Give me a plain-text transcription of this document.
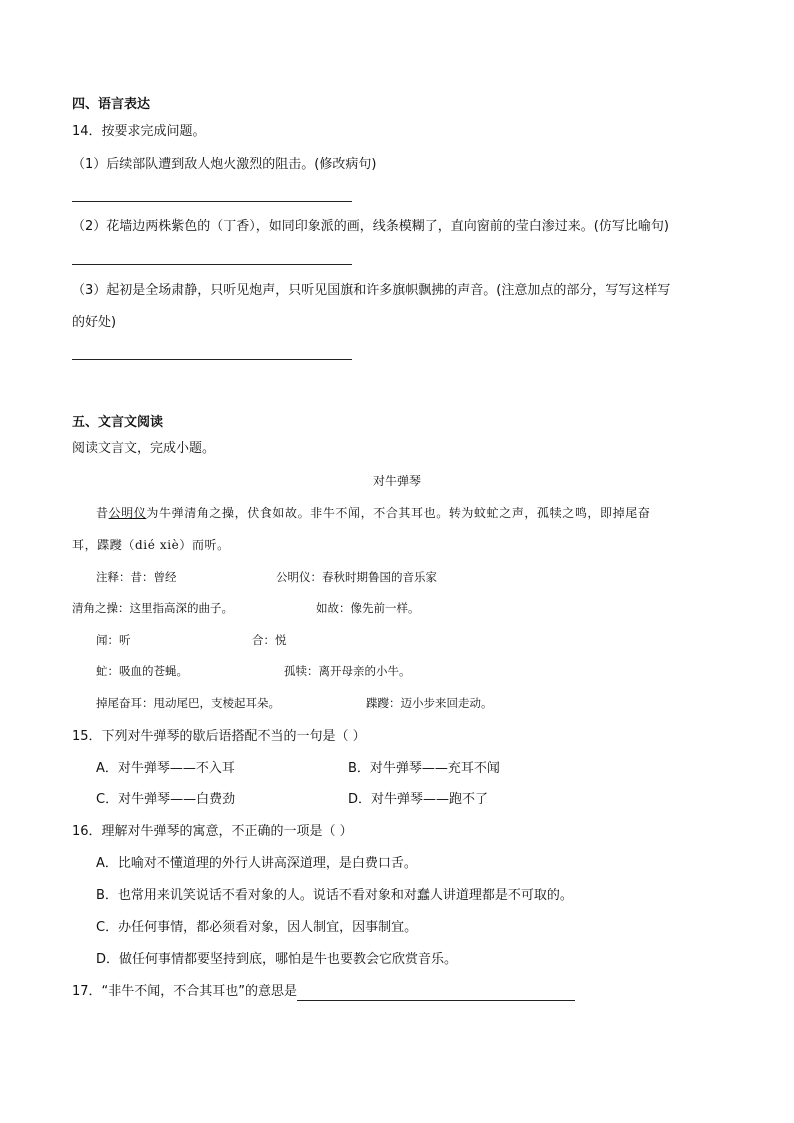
四、语言表达
14．按要求完成问题。
（1）后续部队遭到敌人炮火激烈的阻击。(修改病句)
（2）花墙边两株紫色的（丁香），如同印象派的画，线条模糊了，直向窗前的莹白渗过来。(仿写比喻句)
（3）起初是全场肃静，只听见炮声，只听见国旗和许多旗帜飘拂的声音。(注意加点的部分，写写这样写
的好处)
五、文言文阅读
阅读文言文，完成小题。
对牛弹琴
昔公明仪为牛弹清角之操，伏食如故。非牛不闻，不合其耳也。转为蚊虻之声，孤犊之鸣，即掉尾奋
耳，蹀躞（dié xiè）而听。
注释：昔：曾经	公明仪：春秋时期鲁国的音乐家
清角之操：这里指高深的曲子。	如故：像先前一样。
闻：听	合：悦
虻：吸血的苍蝇。	孤犊：离开母亲的小牛。
掉尾奋耳：甩动尾巴，支棱起耳朵。	蹀躞：迈小步来回走动。
15．下列对牛弹琴的歇后语搭配不当的一句是（ ）
A．对牛弹琴——不入耳	B．对牛弹琴——充耳不闻
C．对牛弹琴——白费劲	D．对牛弹琴——跑不了
16．理解对牛弹琴的寓意，不正确的一项是（ ）
A．比喻对不懂道理的外行人讲高深道理，是白费口舌。
B．也常用来讥笑说话不看对象的人。说话不看对象和对蠢人讲道理都是不可取的。
C．办任何事情，都必须看对象，因人制宜，因事制宜。
D．做任何事情都要坚持到底，哪怕是牛也要教会它欣赏音乐。
17．“非牛不闻，不合其耳也”的意思是
